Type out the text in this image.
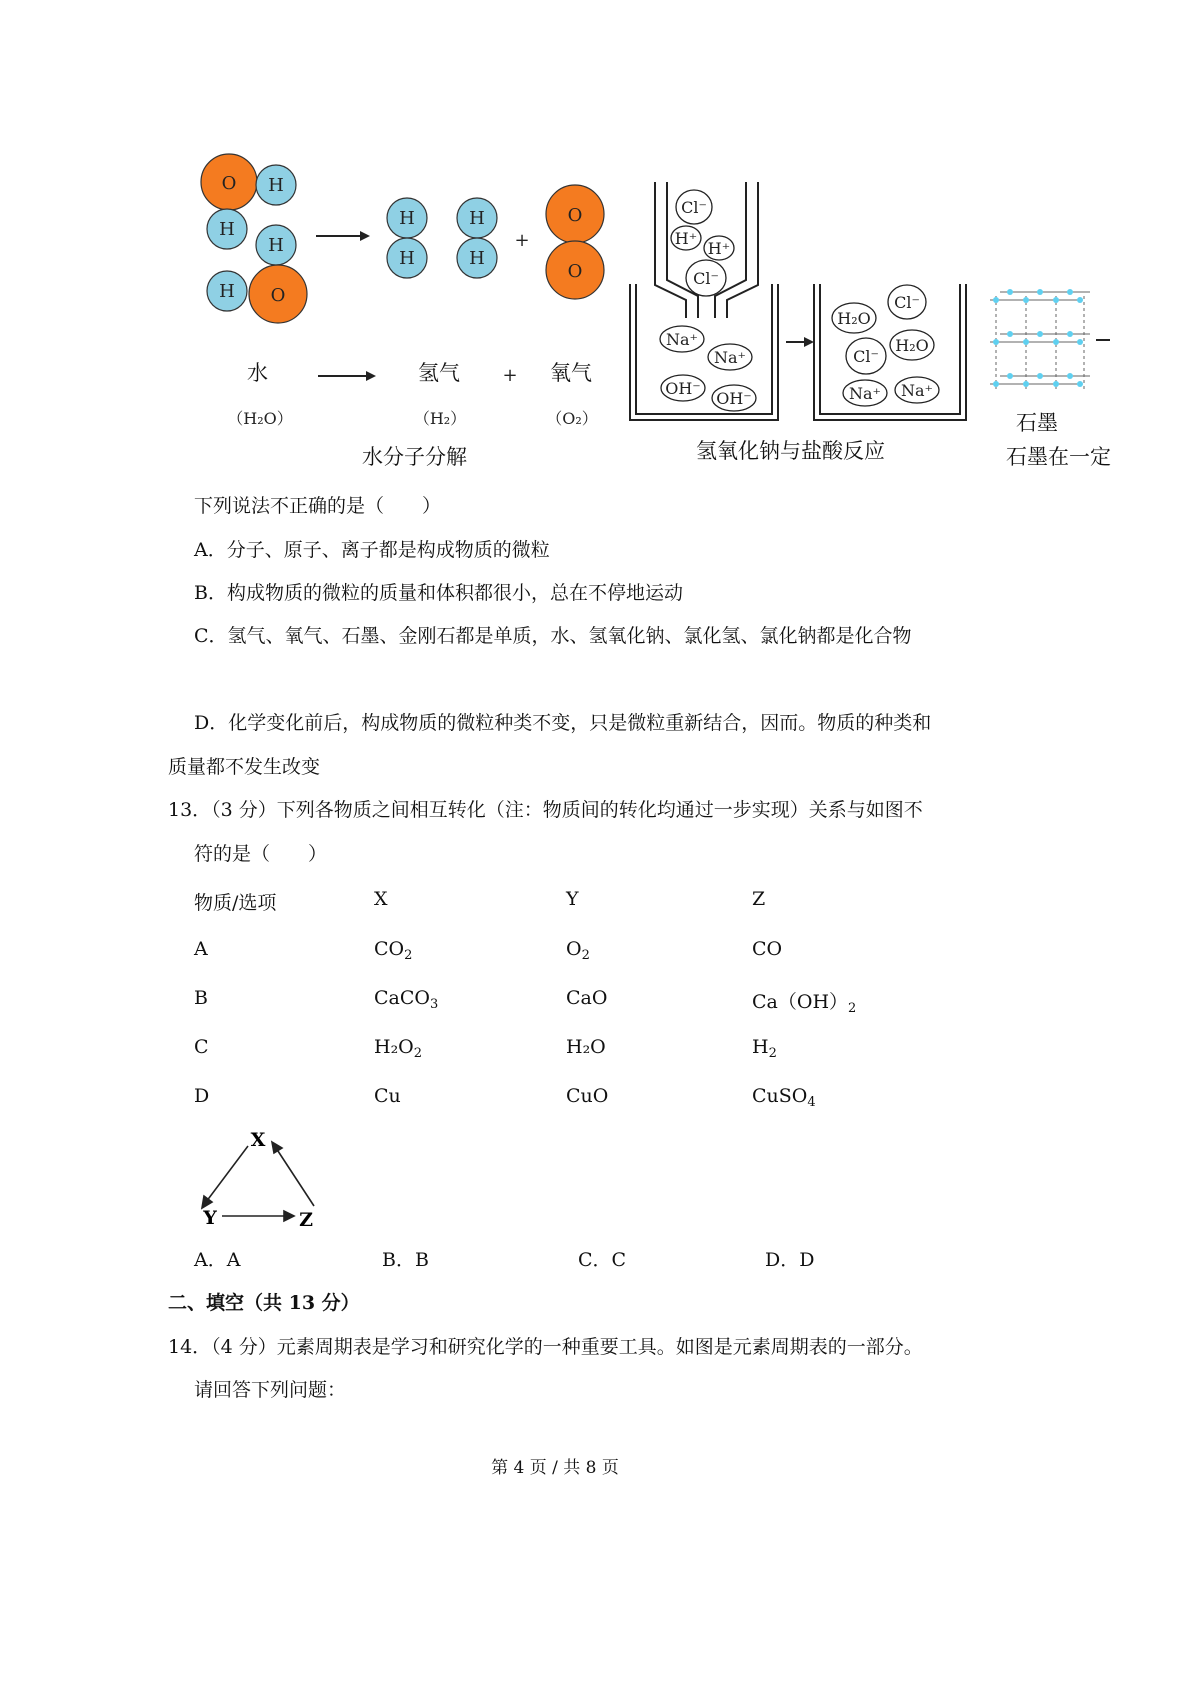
O H
H
H
H O
H
H
H
H
+
O
O
水	氢气 + 氧气
（H₂O）	（H₂）	（O₂）
水分子分解
Cl⁻
H⁺
H⁺
Cl⁻
Na⁺
Na⁺
OH⁻
OH⁻
H₂O
Cl⁻
Cl⁻
H₂O
Na⁺ Na⁺
氢氧化钠与盐酸反应
石墨
石墨在一定
下列说法不正确的是（　　）
A．分子、原子、离子都是构成物质的微粒
B．构成物质的微粒的质量和体积都很小，总在不停地运动
C．氢气、氧气、石墨、金刚石都是单质，水、氢氧化钠、氯化氢、氯化钠都是化合物
D．化学变化前后，构成物质的微粒种类不变，只是微粒重新结合，因而。物质的种类和
质量都不发生改变
13．（3 分）下列各物质之间相互转化（注：物质间的转化均通过一步实现）关系与如图不
符的是（　　）
物质/选项	X	Y	Z
A	$CO_2$	$O_2$	CO
B	CaCO$_3$	CaO	$Ca(OH)_2$
C	$H_2O_2$	H₂O	$H_2$
D	Cu	CuO	CuSO$_4$
X
Y	Z
A．A	B．B	C．C	D．D
二、填空（共 13 分）
14．（4 分）元素周期表是学习和研究化学的一种重要工具。如图是元素周期表的一部分。
请回答下列问题：
第 4 页 / 共 8 页
